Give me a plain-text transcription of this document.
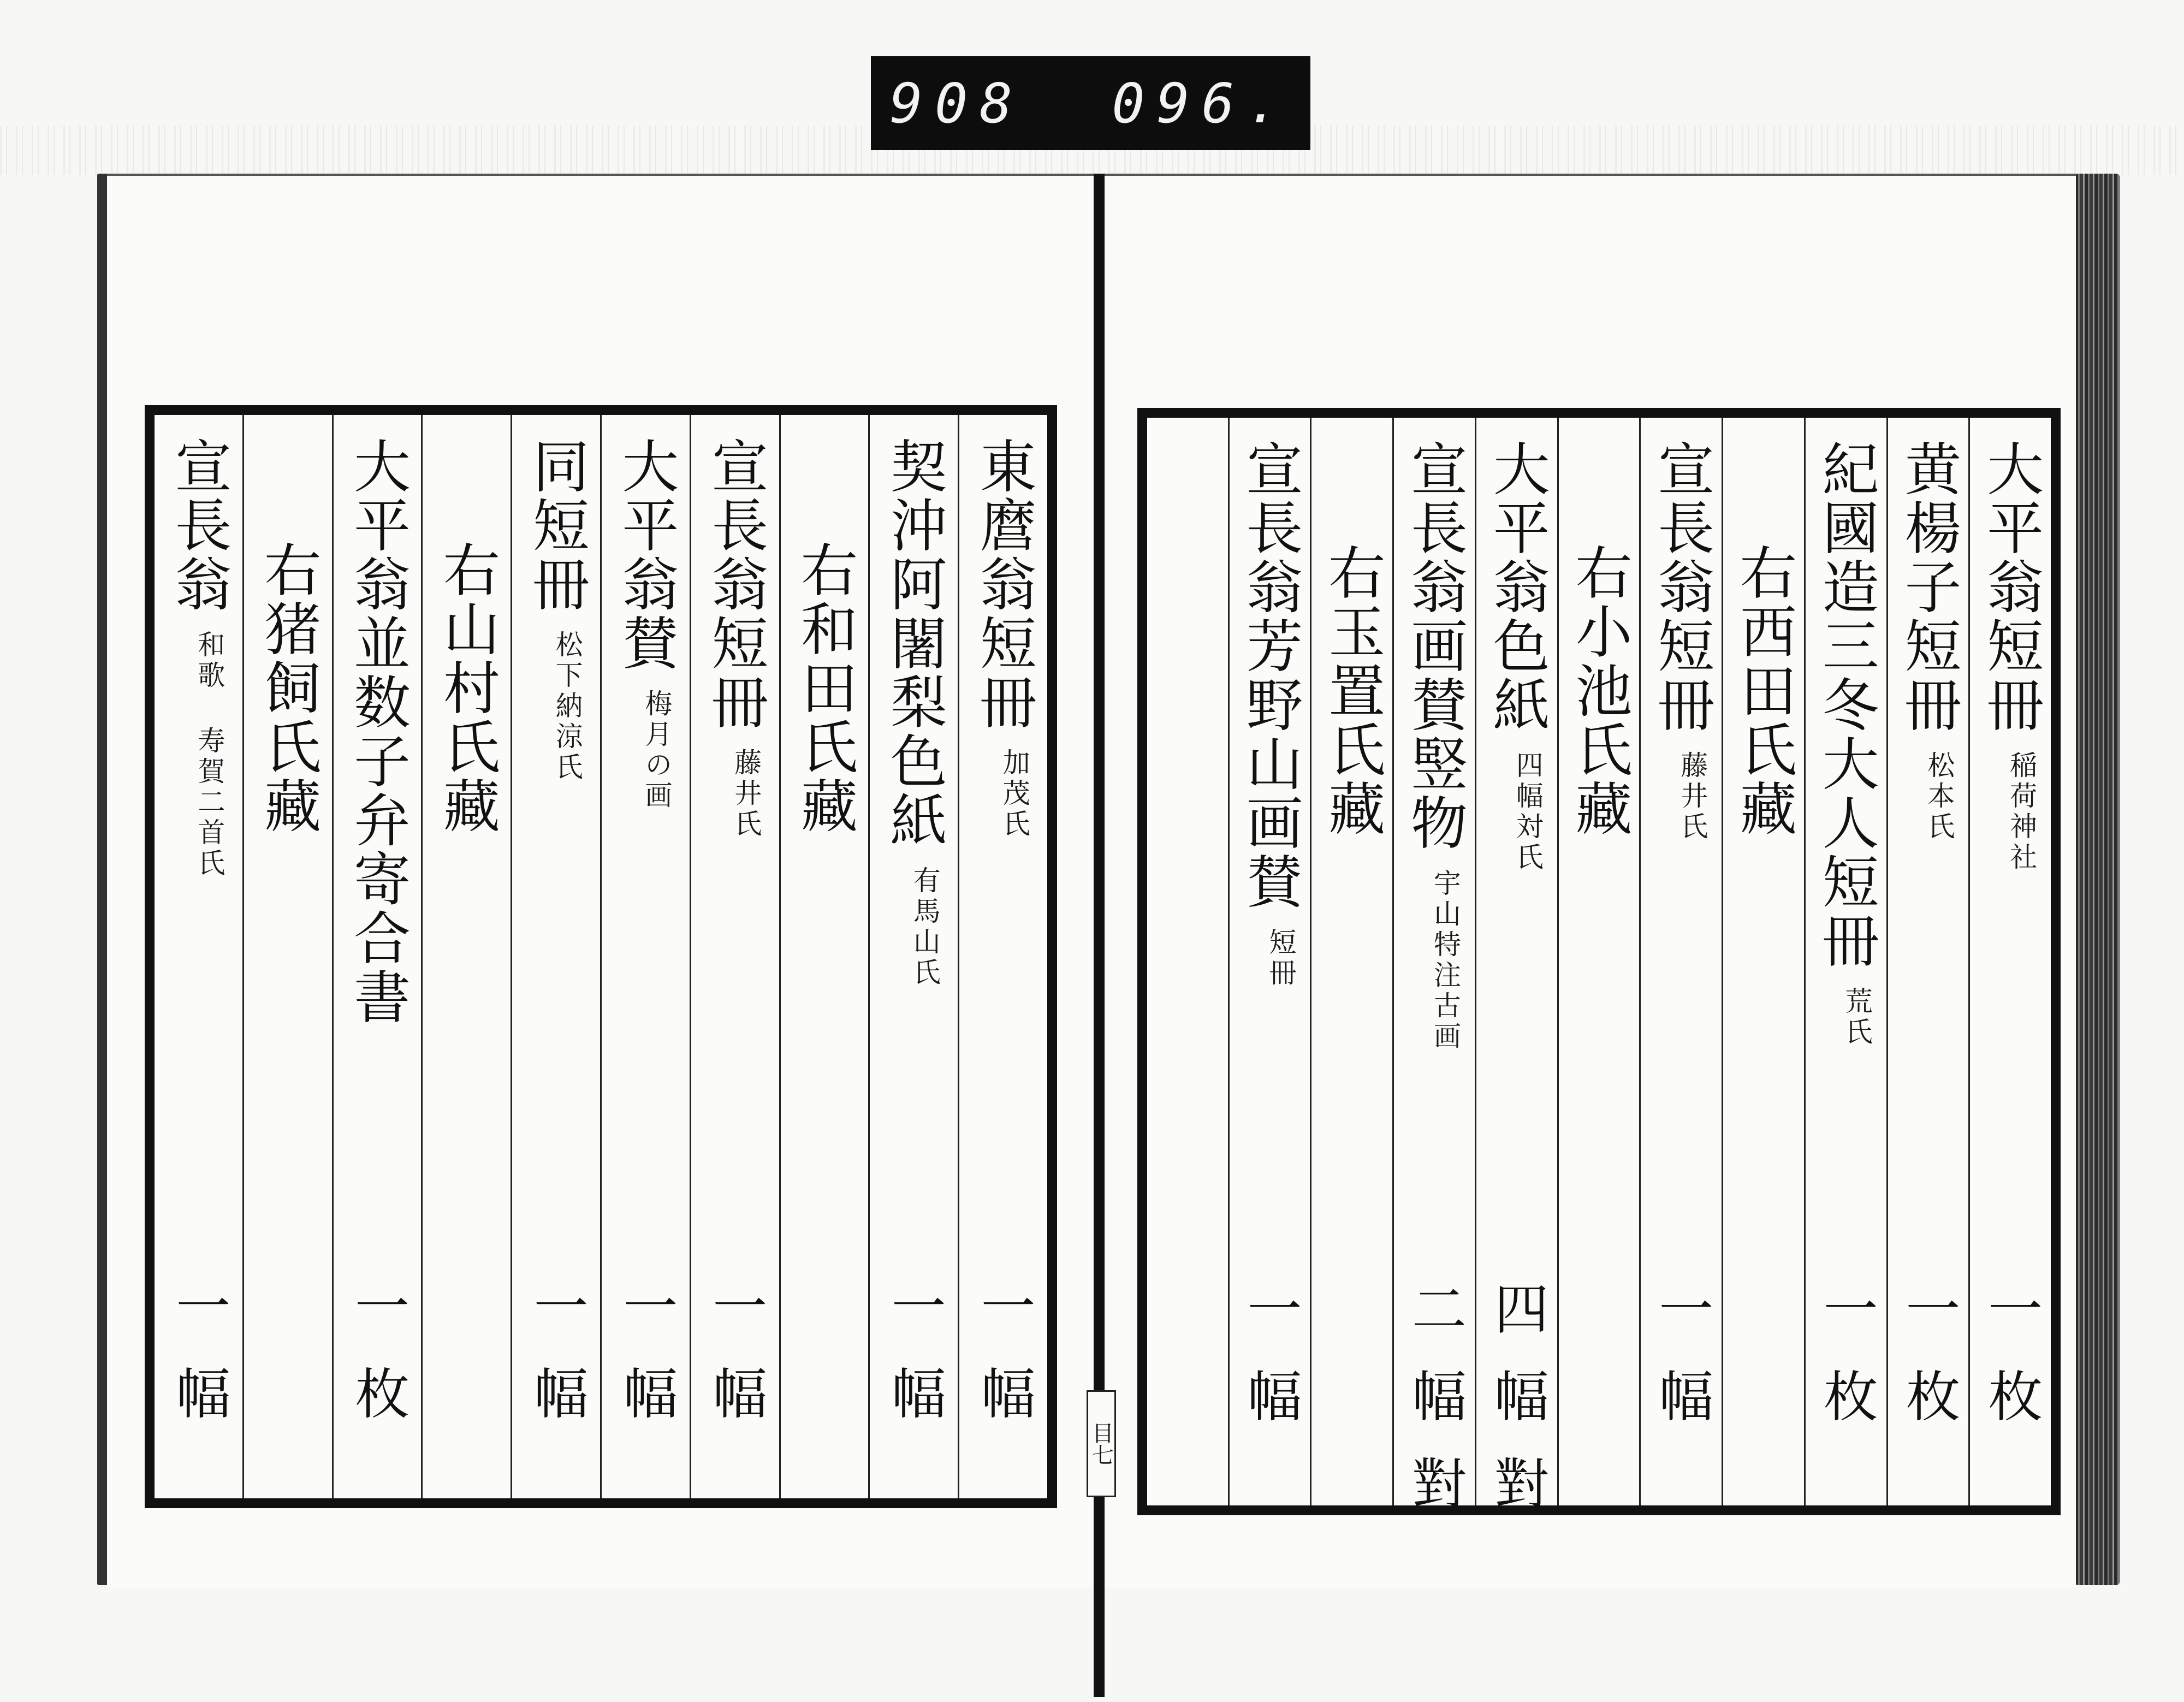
908 096.
大平翁短冊
稲荷神社
一枚
黄楊子短冊
松本氏
一枚
紀國造三冬大人短冊
荒氏
一枚
右西田氏藏
宣長翁短冊
藤井氏
一幅
右小池氏藏
大平翁色紙
四幅対氏
四幅對
宣長翁画賛竪物
宇山特注古画
二幅對
右玉置氏藏
宣長翁芳野山画賛
短冊
一幅
東麿翁短冊
加茂氏
一幅
契沖阿闍梨色紙
有馬山氏
一幅
右和田氏藏
宣長翁短冊
藤井氏
一幅
大平翁賛
梅月の画
一幅
同短冊
松下納涼氏
一幅
右山村氏藏
大平翁並数子弁寄合書
一枚
右猪飼氏藏
宣長翁
和歌 寿賀二首氏
一幅	目七
